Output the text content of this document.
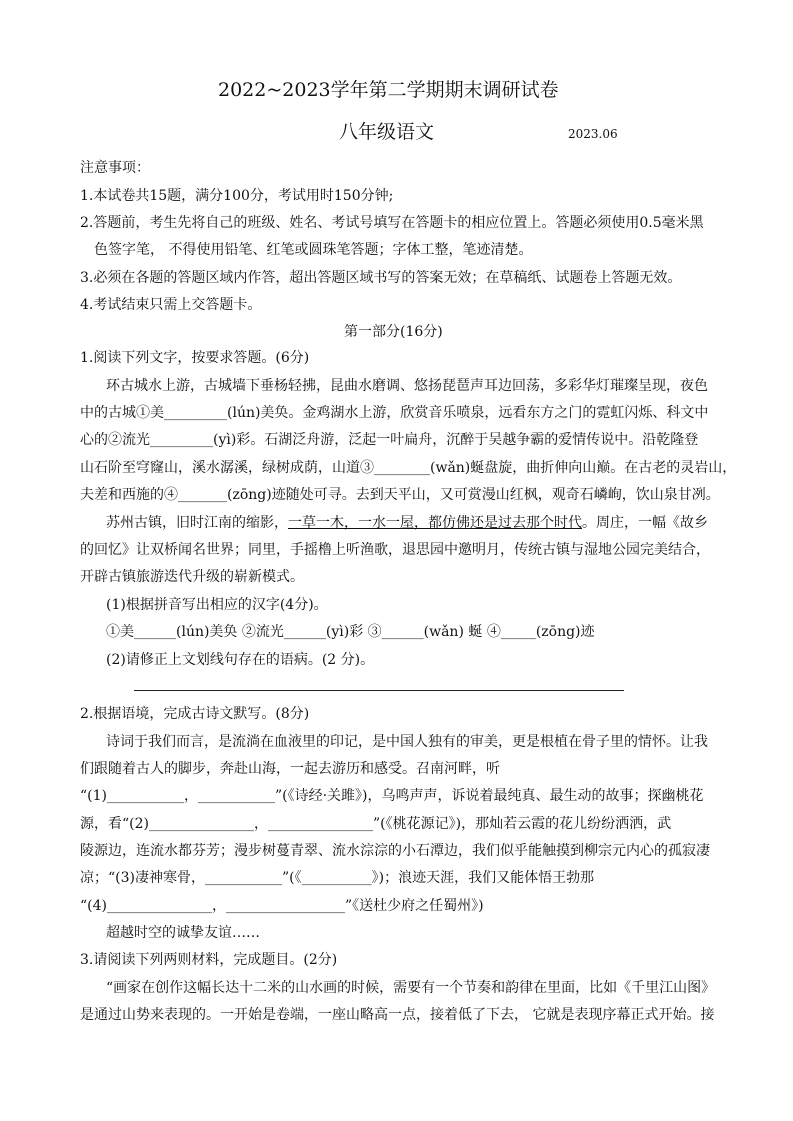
2022~2023学年第二学期期末调研试卷
八年级语文	2023.06
注意事项：
1.本试卷共15题，满分100分，考试用时150分钟;
2.答题前，考生先将自己的班级、姓名、考试号填写在答题卡的相应位置上。答题必须使用0.5毫米黑
色签字笔， 不得使用铅笔、红笔或圆珠笔答题；字体工整，笔迹清楚。
3.必须在各题的答题区域内作答，超出答题区域书写的答案无效；在草稿纸、试题卷上答题无效。
4.考试结束只需上交答题卡。
第一部分(16分)
1.阅读下列文字，按要求答题。(6分)
环古城水上游，古城墙下垂杨轻拂，昆曲水磨调、悠扬琵琶声耳边回荡，多彩华灯璀璨呈现，夜色
中的古城①美_________(lún)美奂。金鸡湖水上游，欣赏音乐喷泉，远看东方之门的霓虹闪烁、科文中
心的②流光_________(yì)彩。石湖泛舟游，泛起一叶扁舟，沉醉于吴越争霸的爱情传说中。沿乾隆登
山石阶至穹窿山，溪水潺溪，绿树成荫，山道③________(wǎn)蜒盘旋，曲折伸向山巅。在古老的灵岩山，
夫差和西施的④_______(zōng)迹随处可寻。去到天平山，又可赏漫山红枫，观奇石嶙峋，饮山泉甘冽。
苏州古镇，旧时江南的缩影，一草一木，一水一屋，都仿佛还是过去那个时代。周庄，一幅《故乡
的回忆》让双桥闻名世界；同里，手摇橹上听渔歌，退思园中邀明月，传统古镇与湿地公园完美结合，
开辟古镇旅游迭代升级的崭新模式。
(1)根据拼音写出相应的汉字(4分)。
①美______(lún)美奂 ②流光______(yì)彩 ③______(wǎn) 蜒 ④_____(zōng)迹
(2)请修正上文划线句存在的语病。(2 分)。
2.根据语境，完成古诗文默写。(8分)
诗词于我们而言，是流淌在血液里的印记，是中国人独有的审美，更是根植在骨子里的情怀。让我
们跟随着古人的脚步，奔赴山海，一起去游历和感受。召南河畔，听
“(1)___________，___________”(《诗经·关雎》)，乌鸣声声，诉说着最纯真、最生动的故事；探幽桃花
源，看“(2)_______________，_______________”(《桃花源记》)，那灿若云霞的花儿纷纷洒洒，武
陵源边，连流水都芬芳；漫步树蔓青翠、流水淙淙的小石潭边，我们似乎能触摸到柳宗元内心的孤寂凄
凉；“(3)凄神寒骨，___________”(《__________》)；浪迹天涯，我们又能体悟王勃那
“(4)_______________，_________________”《送杜少府之任蜀州》)
超越时空的诚挚友谊……
3.请阅读下列两则材料，完成题目。(2分)
“画家在创作这幅长达十二米的山水画的时候，需要有一个节奏和韵律在里面，比如《千里江山图》
是通过山势来表现的。一开始是卷端，一座山略高一点，接着低了下去， 它就是表现序幕正式开始。接
